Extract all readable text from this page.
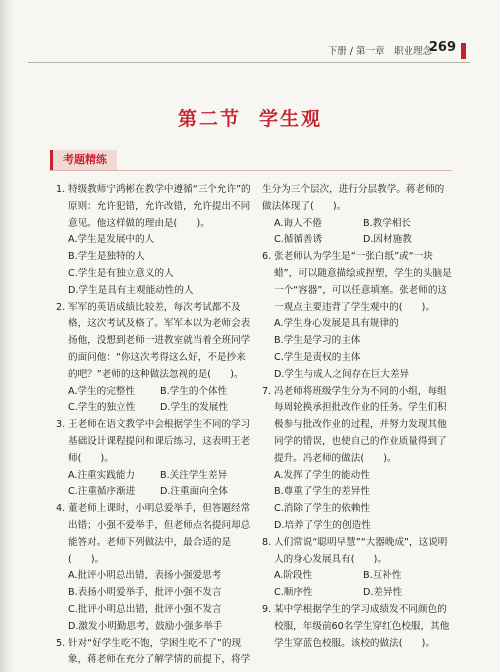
下册 / 第一章　职业理念
269
第二节 学生观
考题精练
1. 特级教师宁鸿彬在教学中遵循“三个允许”的原则：允许犯错，允许改错，允许提出不同意见。他这样做的理由是(　　)。
A.学生是发展中的人
B.学生是独特的人
C.学生是有独立意义的人
D.学生是具有主观能动性的人
2. 军军的英语成绩比较差，每次考试都不及格，这次考试及格了。军军本以为老师会表扬他，没想到老师一进教室就当着全班同学的面问他：“你这次考得这么好，不是抄来的吧？”老师的这种做法忽视的是(　　)。
A.学生的完整性	B.学生的个体性
C.学生的独立性	D.学生的发展性
3. 王老师在语文教学中会根据学生不同的学习基础设计课程提问和课后练习，这表明王老师(　　)。
A.注重实践能力	B.关注学生差异
C.注重循序渐进	D.注重面向全体
4. 董老师上课时，小明总爱举手，但答题经常出错；小强不爱举手，但老师点名提问却总能答对。老师下列做法中，最合适的是(　　)。
A.批评小明总出错，表扬小强爱思考
B.表扬小明爱举手，批评小强不发言
C.批评小明总出错，批评小强不发言
D.激发小明勤思考，鼓励小强多举手
5. 针对“好学生吃不饱，学困生吃不了”的现象，蒋老师在充分了解学情的前提下，将学
生分为三个层次，进行分层教学。蒋老师的做法体现了(　　)。
A.诲人不倦	B.教学相长
C.循循善诱	D.因材施教
6. 张老师认为学生是“一张白纸”或“一块蜡”，可以随意描绘或捏塑，学生的头脑是一个“容器”，可以任意填塞。张老师的这一观点主要违背了学生观中的(　　)。
A.学生身心发展是具有规律的
B.学生是学习的主体
C.学生是责权的主体
D.学生与成人之间存在巨大差异
7. 冯老师将班级学生分为不同的小组，每组每周轮换承担批改作业的任务。学生们积极参与批改作业的过程，并努力发现其他同学的错误，也使自己的作业质量得到了提升。冯老师的做法(　　)。
A.发挥了学生的能动性
B.尊重了学生的差异性
C.消除了学生的依赖性
D.培养了学生的创造性
8. 人们常说“聪明早慧”“大器晚成”，这说明人的身心发展具有(　　)。
A.阶段性	B.互补性
C.顺序性	D.差异性
9. 某中学根据学生的学习成绩发不同颜色的校服，年级前60名学生穿红色校服，其他学生穿蓝色校服。该校的做法(　　)。
